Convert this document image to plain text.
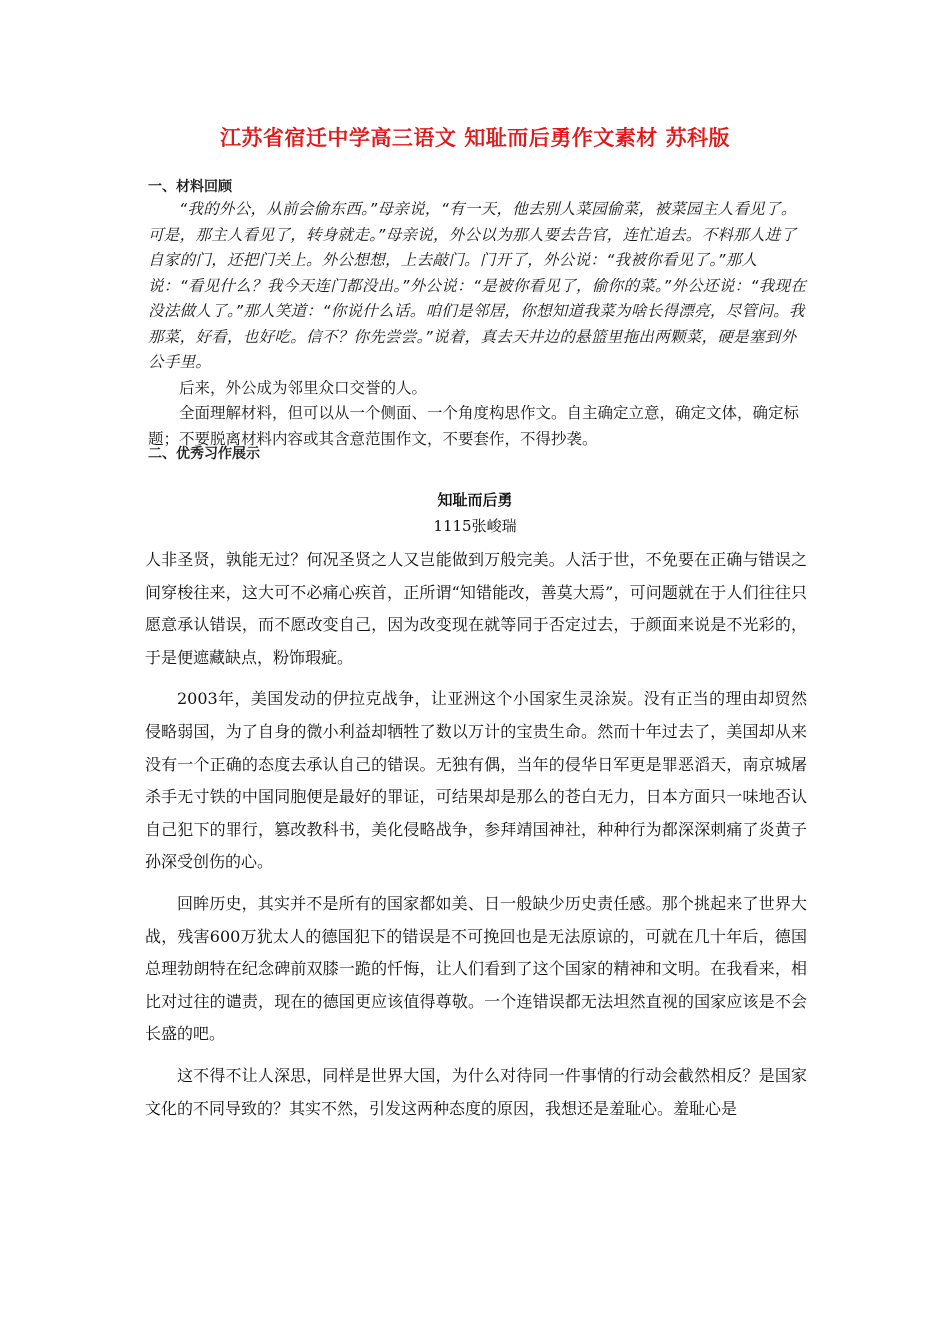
江苏省宿迁中学高三语文 知耻而后勇作文素材 苏科版
一、材料回顾

“我的外公，从前会偷东西。”母亲说，“有一天，他去别人菜园偷菜，被菜园主人看见了。可是，那主人看见了，转身就走。”母亲说，外公以为那人要去告官，连忙追去。不料那人进了自家的门，还把门关上。外公想想，上去敲门。门开了，外公说：“我被你看见了。”那人说：“看见什么？我今天连门都没出。”外公说：“是被你看见了，偷你的菜。”外公还说：“我现在没法做人了。”那人笑道：“你说什么话。咱们是邻居，你想知道我菜为啥长得漂亮，尽管问。我那菜，好看，也好吃。信不？你先尝尝。”说着，真去天井边的悬篮里拖出两颗菜，硬是塞到外公手里。

后来，外公成为邻里众口交誉的人。

全面理解材料，但可以从一个侧面、一个角度构思作文。自主确定立意，确定文体，确定标题；不要脱离材料内容或其含意范围作文，不要套作，不得抄袭。

二、优秀习作展示
知耻而后勇
1115张峻瑞

人非圣贤，孰能无过？何况圣贤之人又岂能做到万般完美。人活于世，不免要在正确与错误之间穿梭往来，这大可不必痛心疾首，正所谓“知错能改，善莫大焉”，可问题就在于人们往往只愿意承认错误，而不愿改变自己，因为改变现在就等同于否定过去，于颜面来说是不光彩的，于是便遮藏缺点，粉饰瑕疵。

2003年，美国发动的伊拉克战争，让亚洲这个小国家生灵涂炭。没有正当的理由却贸然侵略弱国，为了自身的微小利益却牺牲了数以万计的宝贵生命。然而十年过去了，美国却从来没有一个正确的态度去承认自己的错误。无独有偶，当年的侵华日军更是罪恶滔天，南京城屠杀手无寸铁的中国同胞便是最好的罪证，可结果却是那么的苍白无力，日本方面只一味地否认自己犯下的罪行，篡改教科书，美化侵略战争，参拜靖国神社，种种行为都深深刺痛了炎黄子孙深受创伤的心。

回眸历史，其实并不是所有的国家都如美、日一般缺少历史责任感。那个挑起来了世界大战，残害600万犹太人的德国犯下的错误是不可挽回也是无法原谅的，可就在几十年后，德国总理勃朗特在纪念碑前双膝一跪的忏悔，让人们看到了这个国家的精神和文明。在我看来，相比对过往的谴责，现在的德国更应该值得尊敬。一个连错误都无法坦然直视的国家应该是不会长盛的吧。

这不得不让人深思，同样是世界大国，为什么对待同一件事情的行动会截然相反？是国家文化的不同导致的？其实不然，引发这两种态度的原因，我想还是羞耻心。羞耻心是
